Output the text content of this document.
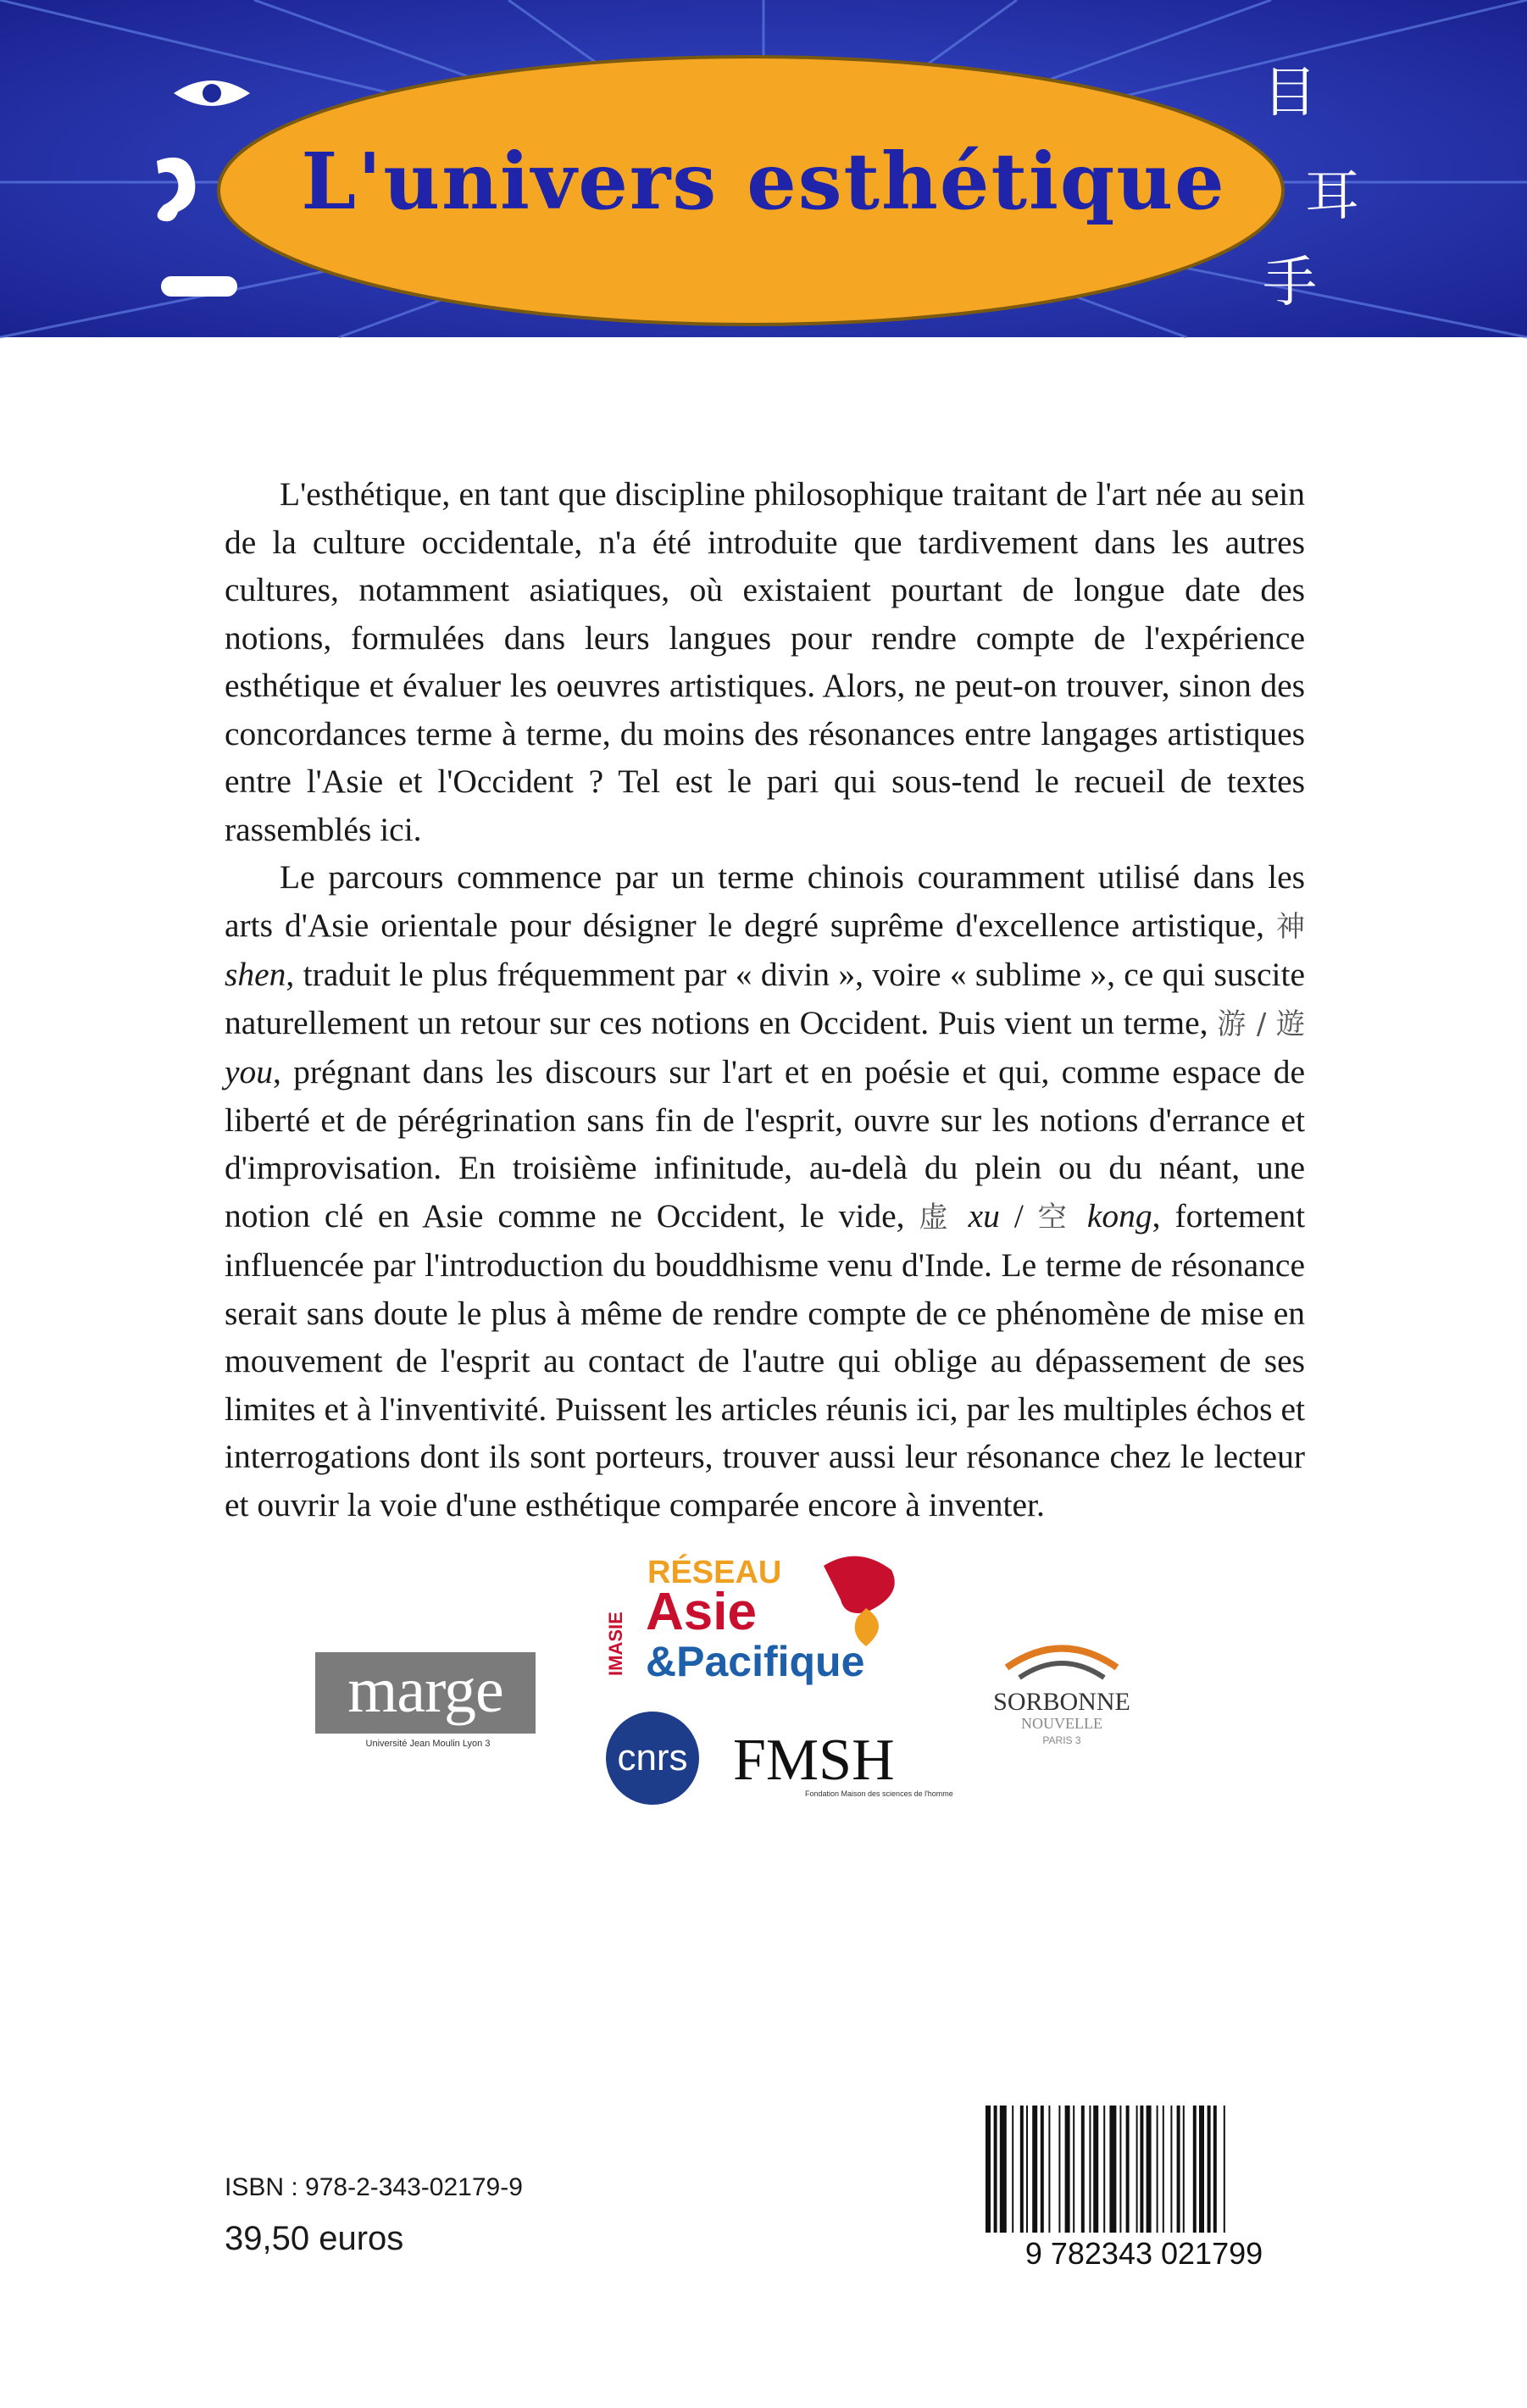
L'univers esthétique
目
耳
手

L'esthétique, en tant que discipline philosophique traitant de l'art née au sein de la culture occidentale, n'a été introduite que tardivement dans les autres cultures, notamment asiatiques, où existaient pourtant de longue date des notions, formulées dans leurs langues pour rendre compte de l'expérience esthétique et évaluer les oeuvres artistiques. Alors, ne peut-on trouver, sinon des concordances terme à terme, du moins des résonances entre langages artistiques entre l'Asie et l'Occident ? Tel est le pari qui sous-tend le recueil de textes rassemblés ici.

Le parcours commence par un terme chinois couramment utilisé dans les arts d'Asie orientale pour désigner le degré suprême d'excellence artistique, 神 shen, traduit le plus fréquemment par « divin », voire « sublime », ce qui suscite naturellement un retour sur ces notions en Occident. Puis vient un terme, 游 / 遊 you, prégnant dans les discours sur l'art et en poésie et qui, comme espace de liberté et de pérégrination sans fin de l'esprit, ouvre sur les notions d'errance et d'improvisation. En troisième infinitude, au-delà du plein ou du néant, une notion clé en Asie comme ne Occident, le vide, 虚 xu / 空 kong, fortement influencée par l'introduction du bouddhisme venu d'Inde. Le terme de résonance serait sans doute le plus à même de rendre compte de ce phénomène de mise en mouvement de l'esprit au contact de l'autre qui oblige au dépassement de ses limites et à l'inventivité. Puissent les articles réunis ici, par les multiples échos et interrogations dont ils sont porteurs, trouver aussi leur résonance chez le lecteur et ouvrir la voie d'une esthétique comparée encore à inventer.

marge
Université Jean Moulin Lyon 3
IMASIE
RÉSEAU
Asie
&Pacifique
cnrs FMSH
Fondation Maison des sciences de l'homme
SORBONNE
NOUVELLE
PARIS 3
ISBN : 978-2-343-02179-9
39,50 euros	9 782343 021799
